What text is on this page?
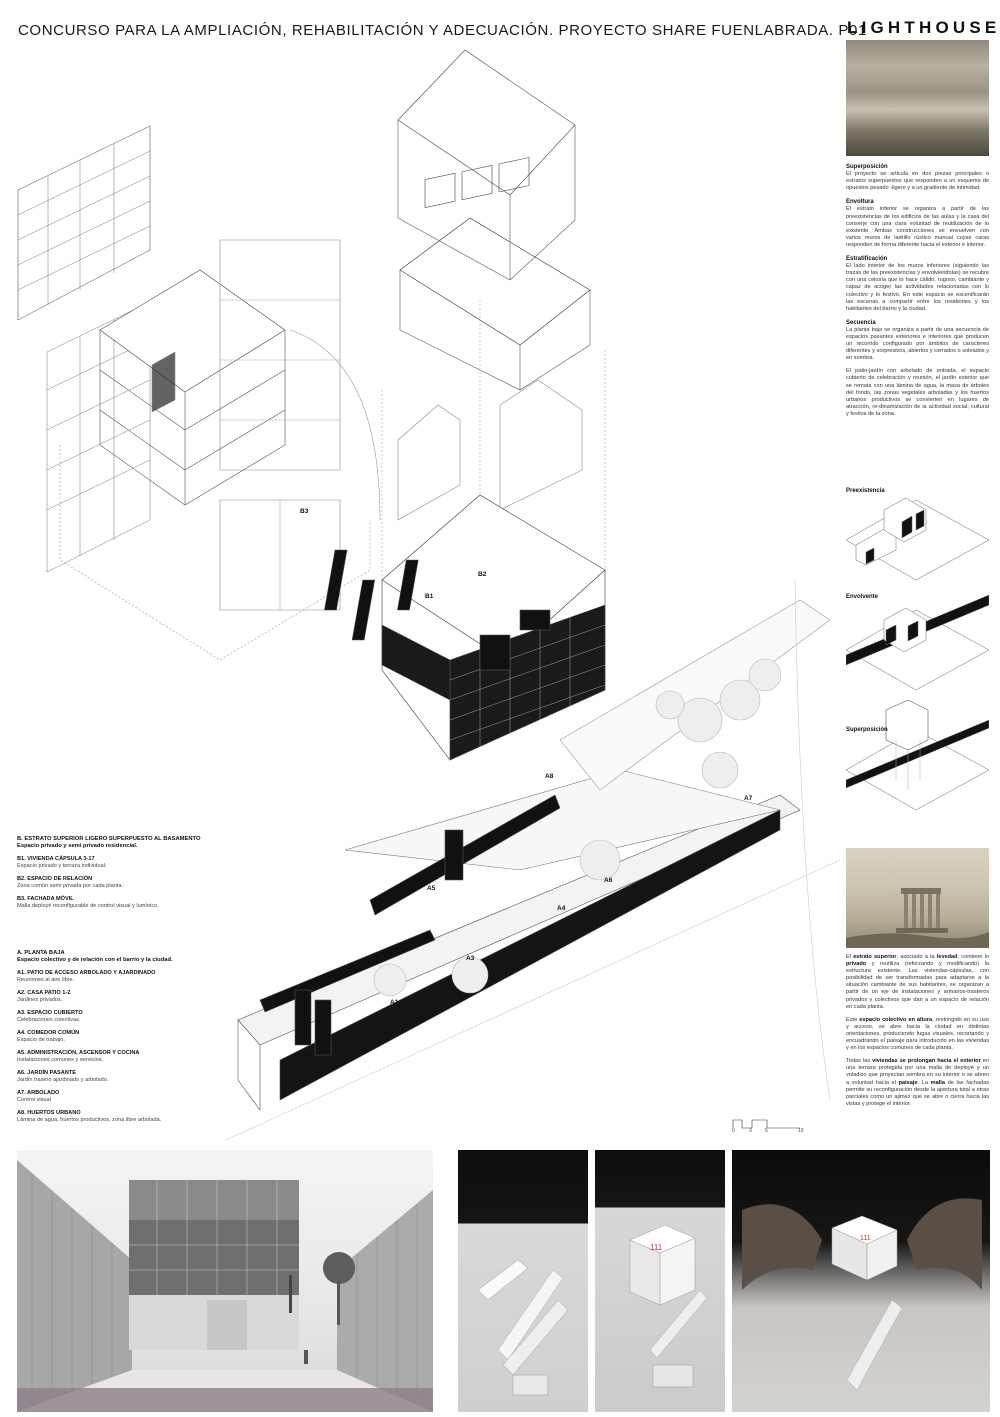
CONCURSO PARA LA AMPLIACIÓN, REHABILITACIÓN Y ADECUACIÓN. PROYECTO SHARE FUENLABRADA. P01
LIGHTHOUSE
B1
B2
B3
A1
A2
A3
A4
A5
A6
A7
A8
Superposición

El proyecto se articula en dos piezas principales o estratos superpuestos que responden a un esquema de opuestos pesado -ligero y a un gradiente de intimidad.

Envoltura

El estrato inferior se organiza a partir de las preexistencias de los edificios de las aulas y la casa del conserje con una clara voluntad de reutilización de lo existente. Ambas construcciones se envuelven con varios muros de ladrillo rústico manual cuyas caras responden de forma diferente hacia el exterior e interior.

Estratificación

El lado interior de los muros inferiores (siguiendo las trazas de las preexistencias y envolviéndolas) se recubre con una celosía que lo hace cálido, rugoso, cambiante y capaz de acoger las actividades relacionadas con lo colectivo y lo festivo. En este espacio se escenificarán las escenas a compartir entre los residentes y los habitantes del barrio y la ciudad.

Secuencia

La planta baja se organiza a partir de una secuencia de espacios pasantes exteriores e interiores que producen un recorrido configurado por ámbitos de caracteres diferentes y sorpresivos, abiertos y cerrados o soleados y en sombra.

El patio-jardín con arbolado de entrada, el espacio cubierto de celebración y reunión, el jardín exterior que se remata con una lámina de agua, la masa de árboles del fondo, las zonas vegetales arboladas y los huertos urbanos productivos se convierten en lugares de atracción, re-dinamización de la actividad social, cultural y festiva de la zona.

Preexistencia
Envolvente
Superposición

El estrato superior, asociado a la levedad, contiene lo privado y reutiliza (reforzando y modificando) la estructura existente. Las viviendas-cápsulas, con posibilidad de ser transformadas para adaptarse a la situación cambiante de sus habitantes, se organizan a partir de un eje de instalaciones y armarios-trasteros privados y colectivos que dan a un espacio de relación en cada planta.

Este espacio colectivo en altura, restringido en su uso y acceso, se abre hacia la ciudad en distintas orientaciones, produciendo fugas visuales, recortando y encuadrando el paisaje para introducirlo en las viviendas y en los espacios comunes de cada planta.

Todas las viviendas se prolongan hacia el exterior en una terraza protegida por una malla de deployé y un voladizo que proyectan sombra en su interior o se abren a voluntad hacia el paisaje. La malla de las fachadas permite su reconfiguración desde la apertura total a otras parciales como un ajimez que se abre o cierra hacia las vistas y protege el interior.

B. ESTRATO SUPERIOR LIGERO SUPERPUESTO AL BASAMENTO
Espacio privado y semi privado residencial.
B1. VIVIENDA CÁPSULA 3-17
Espacio privado y terraza individual.
B2. ESPACIO DE RELACIÓN
Zona común semi privada por cada planta.
B3. FACHADA MÓVIL
Malla deployé reconfigurable de control visual y lumínico.
A. PLANTA BAJA
Espacio colectivo y de relación con el barrio y la ciudad.
A1. PATIO DE ACCESO ARBOLADO Y AJARDINADO
Reuniones al aire libre.
A2. CASA PATIO 1-2
Jardines privados.
A3. ESPACIO CUBIERTO
Celebraciones colectivas.
A4. COMEDOR COMÚN
Espacio de trabajo.
A5. ADMINISTRACIÓN, ASCENSOR Y COCINA
Instalaciones comunes y servicios.
A6. JARDÍN PASANTE
Jardín trasero ajardinado y arbolado.
A7. ARBOLADO
Control visual
A8. HUERTOS URBANO
Lámina de agua, huertos productivos, zona libre arbolada.
0	3	5	10
111
111
